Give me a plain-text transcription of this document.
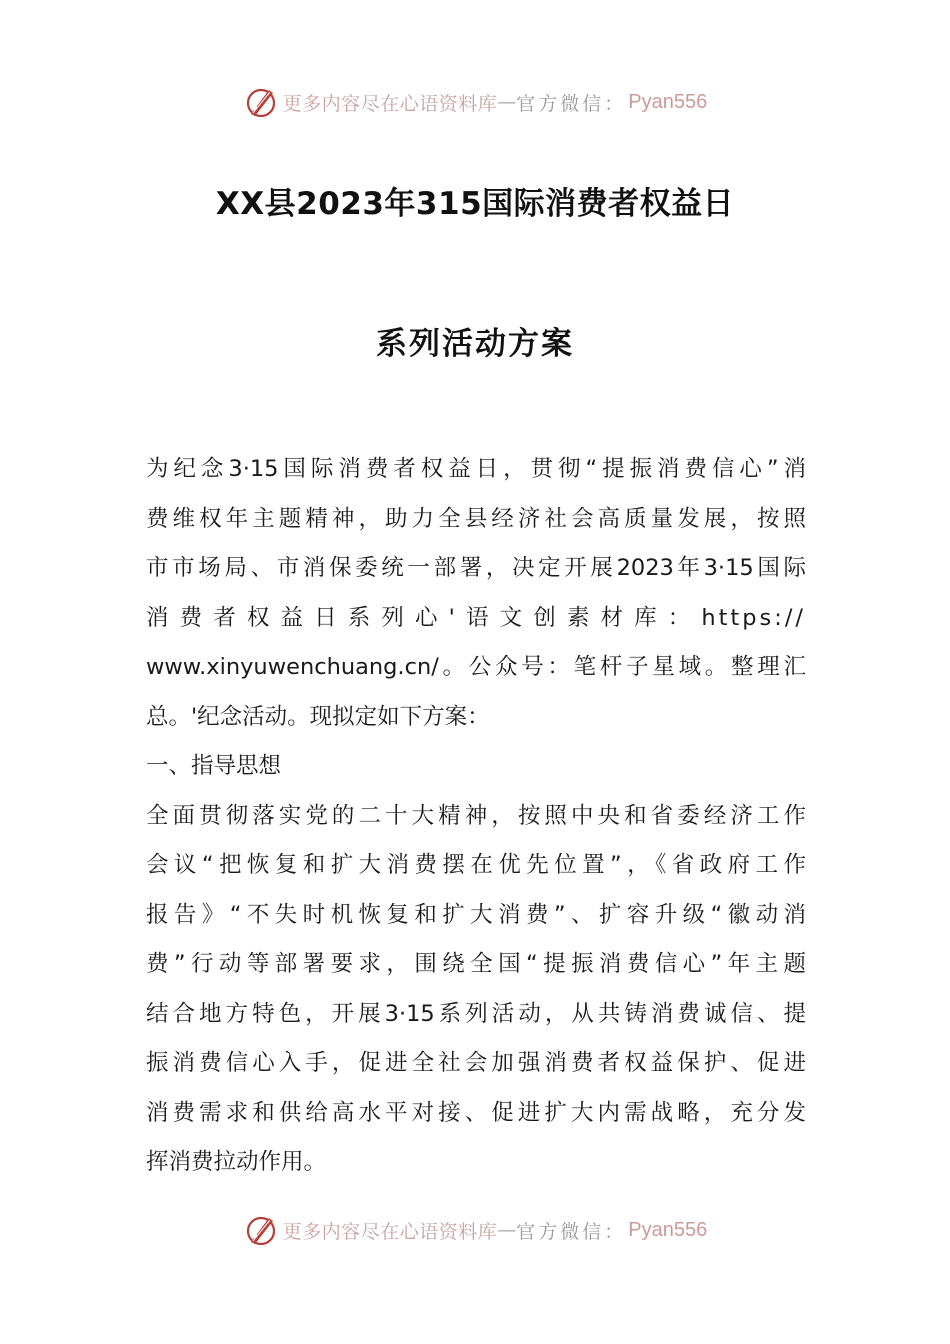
更多内容尽在心语资料库 — 官方微信： Pyan556
XX县2023年315国际消费者权益日
系列活动方案
为纪念3·15国际消费者权益日，贯彻“提振消费信心”消
费维权年主题精神，助力全县经济社会高质量发展，按照
市市场局、市消保委统一部署，决定开展2023年3·15国际
消费者权益日系列心'语文创素材库：https://
www.xinyuwenchuang.cn/。公众号：笔杆子星域。整理汇
总。'纪念活动。现拟定如下方案：
一、指导思想
全面贯彻落实党的二十大精神，按照中央和省委经济工作
会议“把恢复和扩大消费摆在优先位置”，《省政府工作
报告》“不失时机恢复和扩大消费”、扩容升级“徽动消
费”行动等部署要求，围绕全国“提振消费信心”年主题
结合地方特色，开展3·15系列活动，从共铸消费诚信、提
振消费信心入手，促进全社会加强消费者权益保护、促进
消费需求和供给高水平对接、促进扩大内需战略，充分发
挥消费拉动作用。
更多内容尽在心语资料库 — 官方微信： Pyan556
